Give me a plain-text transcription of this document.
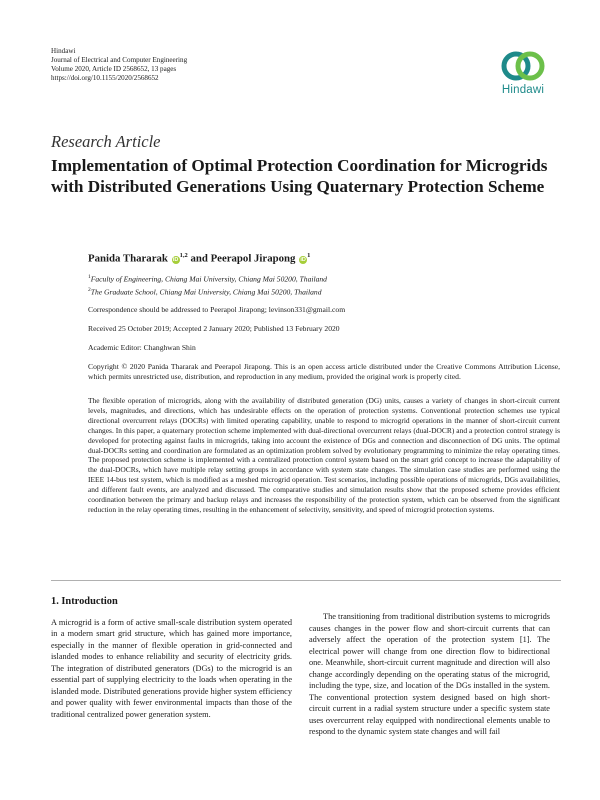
Hindawi
Journal of Electrical and Computer Engineering
Volume 2020, Article ID 2568652, 13 pages
https://doi.org/10.1155/2020/2568652
Hindawi
Research Article
Implementation of Optimal Protection Coordination for Microgrids with Distributed Generations Using Quaternary Protection Scheme
Panida Thararak iD$^{1,2}$ and Peerapol Jirapong $iD^1$
$^1$Faculty of Engineering, Chiang Mai University, Chiang Mai 50200, Thailand
$^2$The Graduate School, Chiang Mai University, Chiang Mai 50200, Thailand
Correspondence should be addressed to Peerapol Jirapong; levinson331@gmail.com
Received 25 October 2019; Accepted 2 January 2020; Published 13 February 2020
Academic Editor: Changhwan Shin
Copyright © 2020 Panida Thararak and Peerapol Jirapong. This is an open access article distributed under the Creative Commons Attribution License, which permits unrestricted use, distribution, and reproduction in any medium, provided the original work is properly cited.
The flexible operation of microgrids, along with the availability of distributed generation (DG) units, causes a variety of changes in short-circuit current levels, magnitudes, and directions, which has undesirable effects on the operation of protection systems. Conventional protection schemes use typical directional overcurrent relays (DOCRs) with limited operating capability, unable to respond to microgrid operations in the manner of short-circuit current changes. In this paper, a quaternary protection scheme implemented with dual-directional overcurrent relays (dual-DOCR) and a protection control strategy is developed for protecting against faults in microgrids, taking into account the existence of DGs and connection and disconnection of DG units. The optimal dual-DOCRs setting and coordination are formulated as an optimization problem solved by evolutionary programming to minimize the relay operating times. The proposed protection scheme is implemented with a centralized protection control system based on the smart grid concept to increase the adaptability of the dual-DOCRs, which have multiple relay setting groups in accordance with system state changes. The simulation case studies are performed using the IEEE 14-bus test system, which is modified as a meshed microgrid operation. Test scenarios, including possible operations of microgrids, DGs availabilities, and different fault events, are analyzed and discussed. The comparative studies and simulation results show that the proposed scheme provides efficient coordination between the primary and backup relays and increases the responsibility of the protection system, which can be observed from the significant reduction in the relay operating times, resulting in the enhancement of selectivity, sensitivity, and speed of microgrid protection systems.
1. Introduction
A microgrid is a form of active small-scale distribution system operated in a modern smart grid structure, which has gained more importance, especially in the manner of flexible operation in grid-connected and islanded modes to enhance reliability and security of electricity grids. The integration of distributed generators (DGs) to the microgrid is an essential part of supplying electricity to the loads when operating in the islanded mode. Distributed generations provide higher system efficiency and power quality with fewer environmental impacts than those of the traditional centralized power generation system.
The transitioning from traditional distribution systems to microgrids causes changes in the power flow and short-circuit currents that can adversely affect the operation of the protection system [1]. The electrical power will change from one direction flow to bidirectional one. Meanwhile, short-circuit current magnitude and direction will also change accordingly depending on the operating status of the microgrid, including the type, size, and location of the DGs installed in the system. The conventional protection system designed based on high short-circuit current in a radial system structure under a specific system state uses overcurrent relay equipped with nondirectional elements unable to respond to the dynamic system state changes and will fail
